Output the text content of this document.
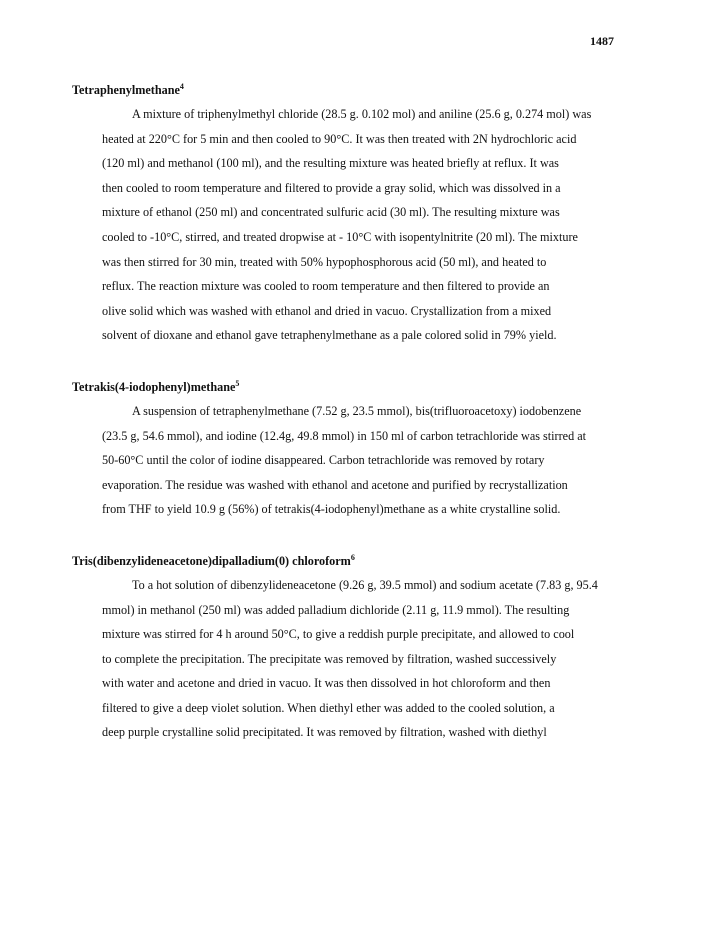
1487

Tetraphenylmethane$^4$

A mixture of triphenylmethyl chloride (28.5 g. 0.102 mol) and aniline (25.6 g, 0.274 mol) was
heated at 220°C for 5 min and then cooled to 90°C. It was then treated with 2N hydrochloric acid
(120 ml) and methanol (100 ml), and the resulting mixture was heated briefly at reflux. It was
then cooled to room temperature and filtered to provide a gray solid, which was dissolved in a
mixture of ethanol (250 ml) and concentrated sulfuric acid (30 ml). The resulting mixture was
cooled to -10°C, stirred, and treated dropwise at - 10°C with isopentylnitrite (20 ml). The mixture
was then stirred for 30 min, treated with 50% hypophosphorous acid (50 ml), and heated to
reflux. The reaction mixture was cooled to room temperature and then filtered to provide an
olive solid which was washed with ethanol and dried in vacuo. Crystallization from a mixed
solvent of dioxane and ethanol gave tetraphenylmethane as a pale colored solid in 79% yield.

Tetrakis(4-iodophenyl)methane$^5$

A suspension of tetraphenylmethane (7.52 g, 23.5 mmol), bis(trifluoroacetoxy) iodobenzene
(23.5 g, 54.6 mmol), and iodine (12.4g, 49.8 mmol) in 150 ml of carbon tetrachloride was stirred at
50-60°C until the color of iodine disappeared. Carbon tetrachloride was removed by rotary
evaporation. The residue was washed with ethanol and acetone and purified by recrystallization
from THF to yield 10.9 g (56%) of tetrakis(4-iodophenyl)methane as a white crystalline solid.

Tris(dibenzylideneacetone)dipalladium(0) chloroform$^6$

To a hot solution of dibenzylideneacetone (9.26 g, 39.5 mmol) and sodium acetate (7.83 g, 95.4
mmol) in methanol (250 ml) was added palladium dichloride (2.11 g, 11.9 mmol). The resulting
mixture was stirred for 4 h around 50°C, to give a reddish purple precipitate, and allowed to cool
to complete the precipitation. The precipitate was removed by filtration, washed successively
with water and acetone and dried in vacuo. It was then dissolved in hot chloroform and then
filtered to give a deep violet solution. When diethyl ether was added to the cooled solution, a
deep purple crystalline solid precipitated. It was removed by filtration, washed with diethyl
